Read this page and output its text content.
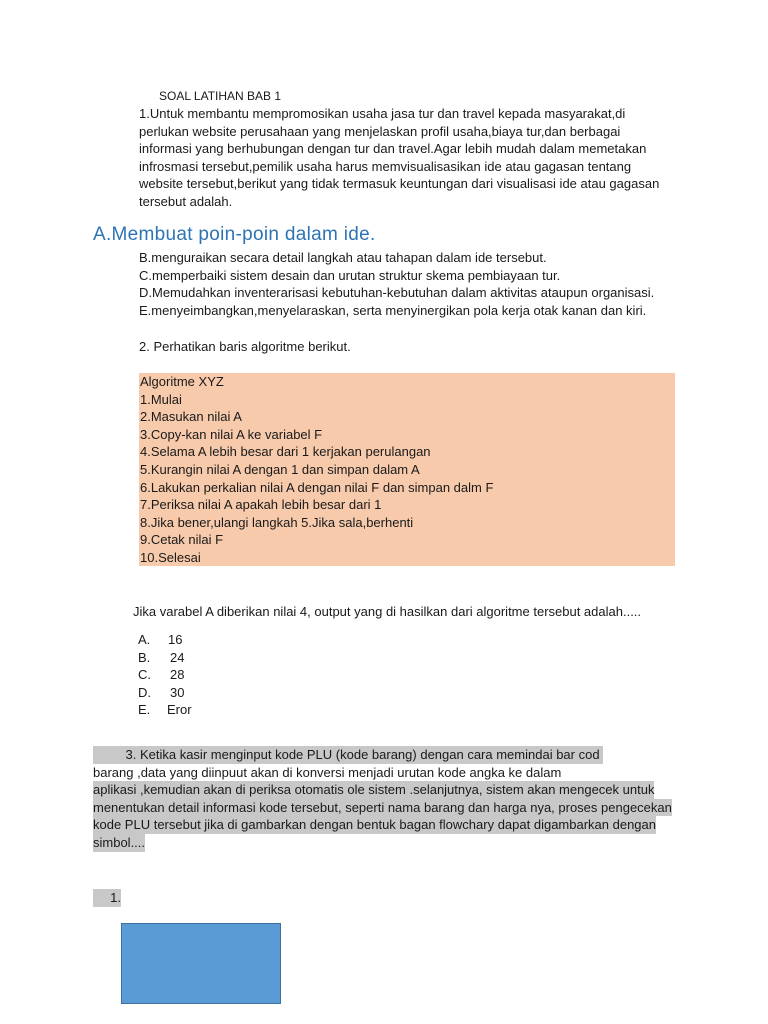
SOAL LATIHAN BAB 1
1.Untuk membantu mempromosikan usaha jasa tur dan travel kepada masyarakat,di
perlukan website perusahaan yang menjelaskan profil usaha,biaya tur,dan berbagai
informasi yang berhubungan dengan tur dan travel.Agar lebih mudah dalam memetakan
infrosmasi tersebut,pemilik usaha harus memvisualisasikan ide atau gagasan tentang
website tersebut,berikut yang tidak termasuk keuntungan dari visualisasi ide atau gagasan
tersebut adalah.
A.Membuat poin-poin dalam ide.
B.menguraikan secara detail langkah atau tahapan dalam ide tersebut.
C.memperbaiki sistem desain dan urutan struktur skema pembiayaan tur.
D.Memudahkan inventerarisasi kebutuhan-kebutuhan dalam aktivitas ataupun organisasi.
E.menyeimbangkan,menyelaraskan, serta menyinergikan pola kerja otak kanan dan kiri.
2. Perhatikan baris algoritme berikut.
Algoritme XYZ
1.Mulai
2.Masukan nilai A
3.Copy-kan nilai A ke variabel F
4.Selama A lebih besar dari 1 kerjakan perulangan
5.Kurangin nilai A dengan 1 dan simpan dalam A
6.Lakukan perkalian nilai A dengan nilai F dan simpan dalm F
7.Periksa nilai A apakah lebih besar dari 1
8.Jika bener,ulangi langkah 5.Jika sala,berhenti
9.Cetak nilai F
10.Selesai
Jika varabel A diberikan nilai 4, output yang di hasilkan dari algoritme tersebut adalah.....
A. 16
B. 24
C. 28
D. 30
E. Eror
3. Ketika kasir menginput kode PLU (kode barang) dengan cara memindai bar cod
barang ,data yang diinpuut akan di konversi menjadi urutan kode angka ke dalam
aplikasi ,kemudian akan di periksa otomatis ole sistem .selanjutnya, sistem akan mengecek untuk
menentukan detail informasi kode tersebut, seperti nama barang dan harga nya, proses pengecekan
kode PLU tersebut jika di gambarkan dengan bentuk bagan flowchary dapat digambarkan dengan
simbol....
1.
